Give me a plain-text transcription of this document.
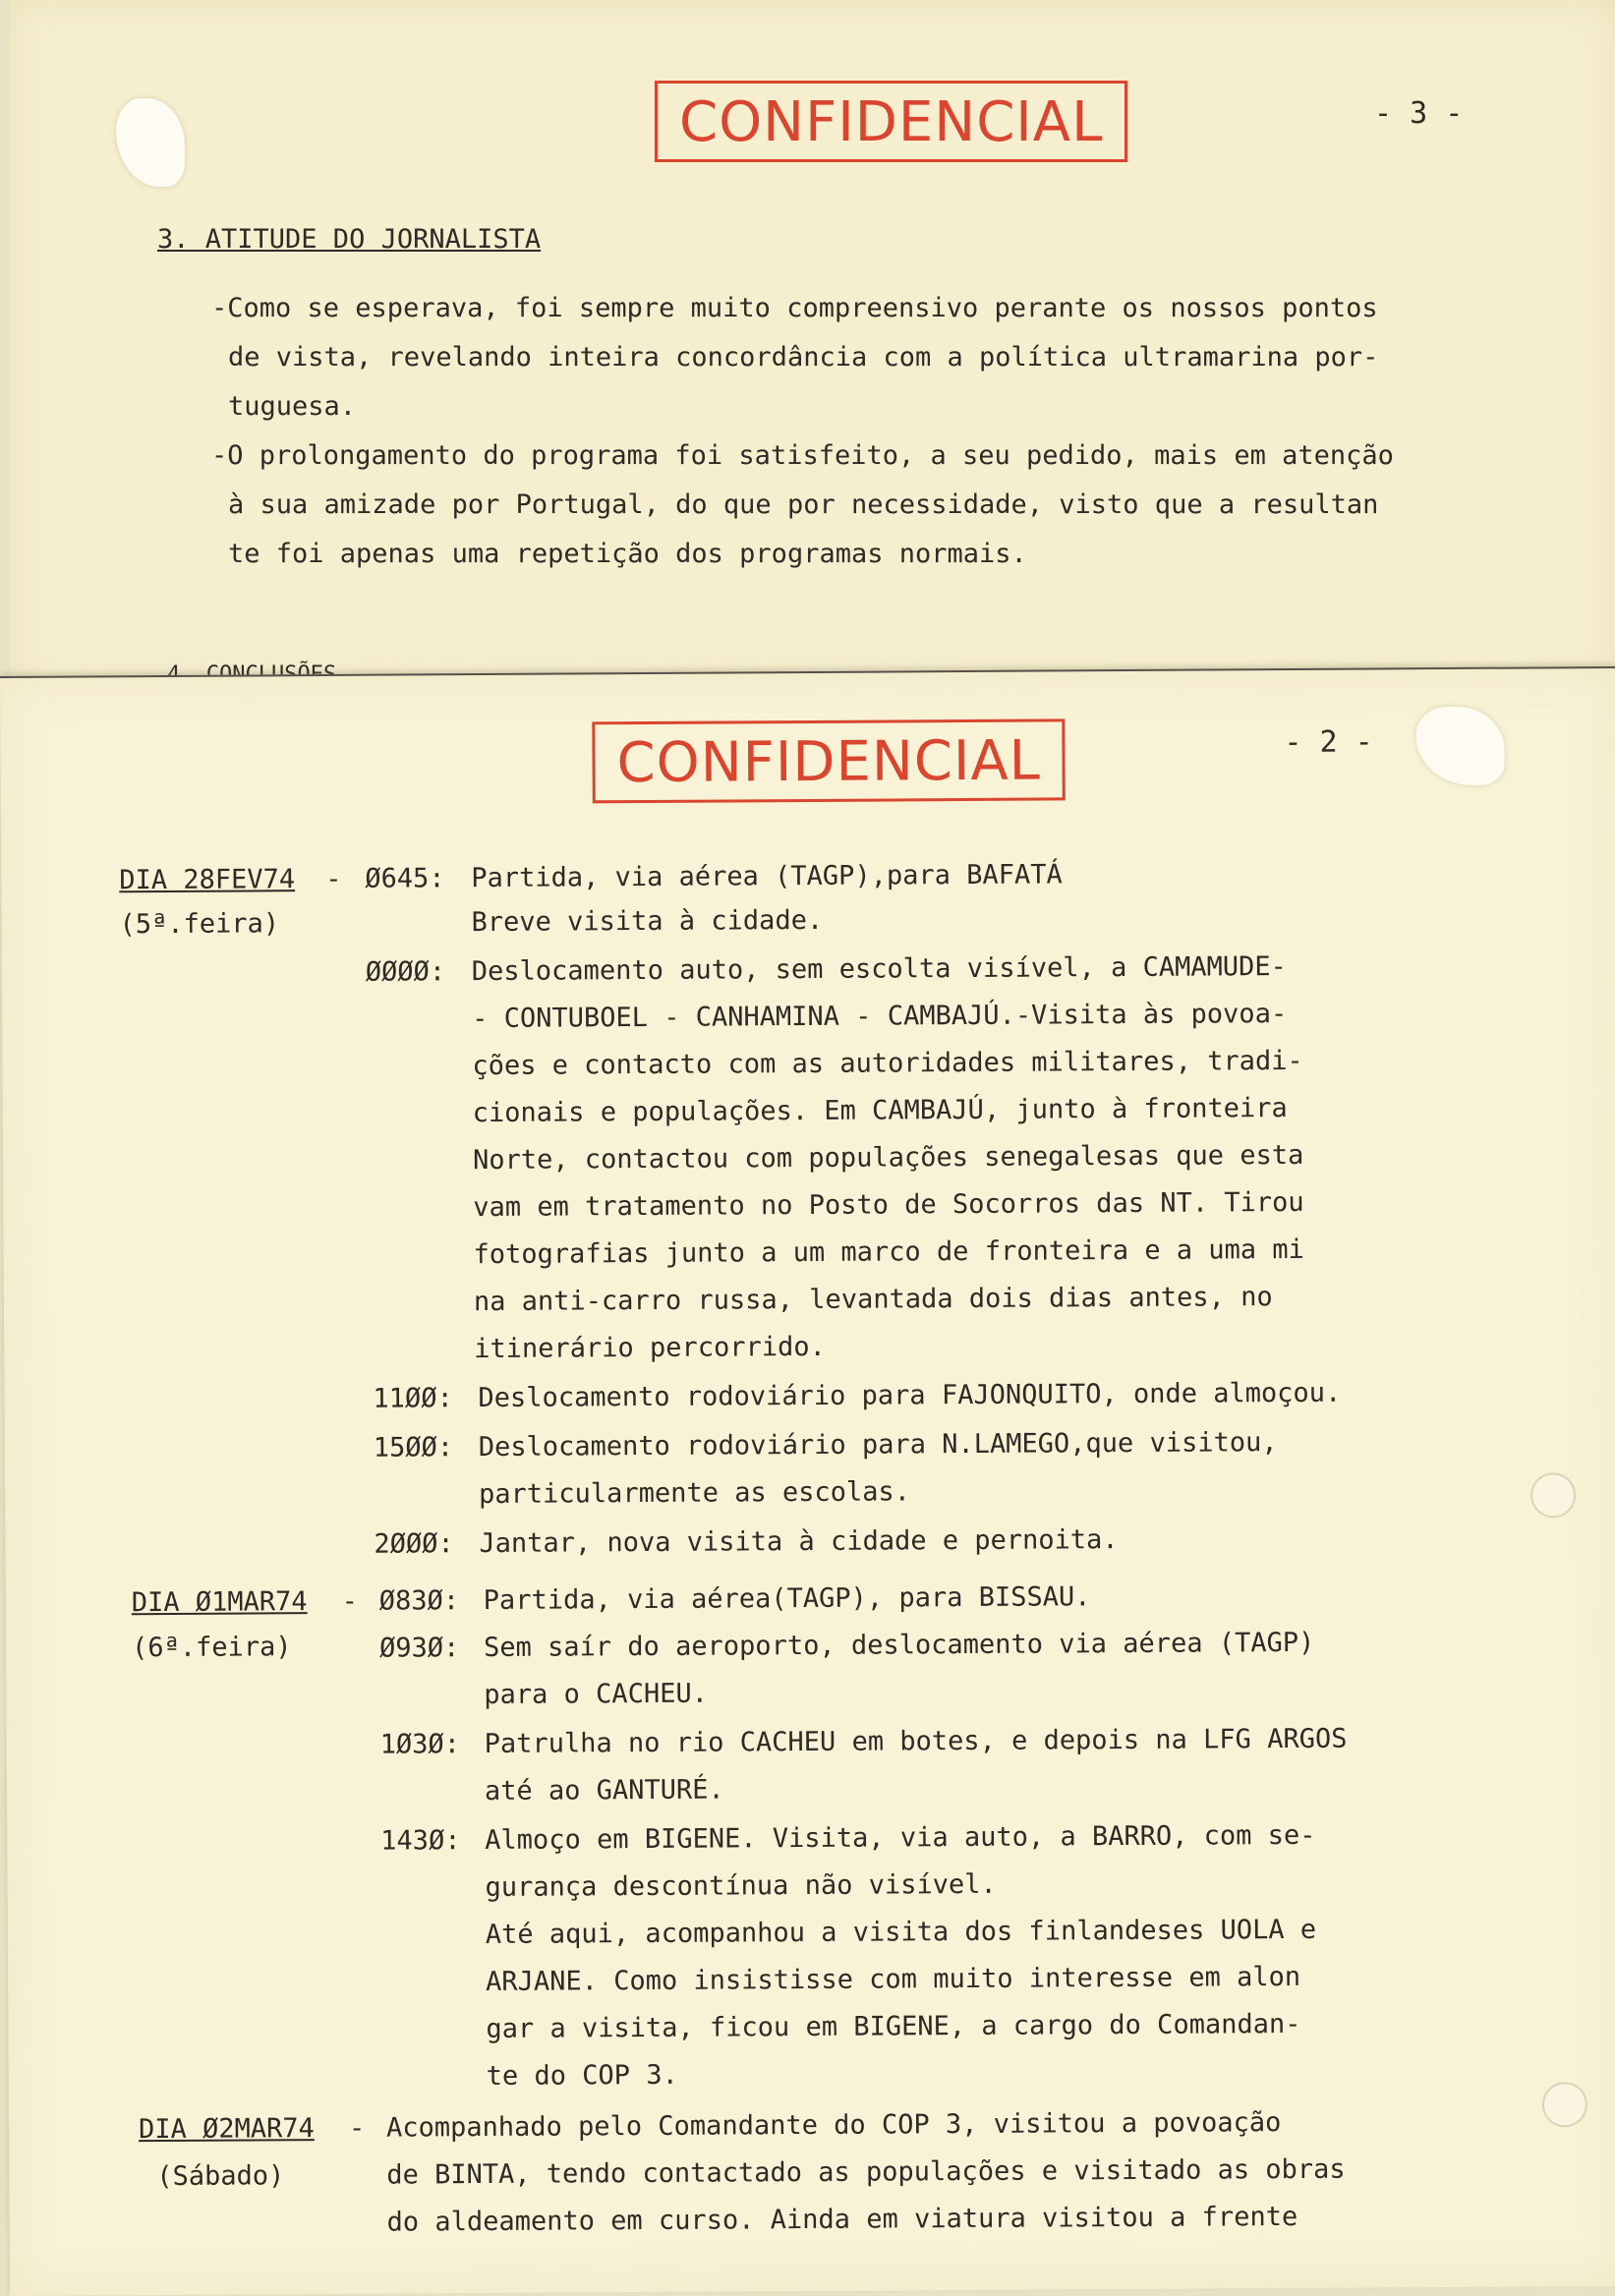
CONFIDENCIAL	- 3 -
3. ATITUDE DO JORNALISTA
-Como se esperava, foi sempre muito compreensivo perante os nossos pontos
de vista, revelando inteira concordância com a política ultramarina por-
tuguesa.
-O prolongamento do programa foi satisfeito, a seu pedido, mais em atenção
à sua amizade por Portugal, do que por necessidade, visto que a resultan
te foi apenas uma repetição dos programas normais.
CONFIDENCIAL	- 2 -
DIA 28FEV74 -
(5ª.feira)
Ø645: Partida, via aérea (TAGP),para BAFATÁ
Breve visita à cidade.
ØØØØ: Deslocamento auto, sem escolta visível, a CAMAMUDE-
- CONTUBOEL - CANHAMINA - CAMBAJÚ.-Visita às povoa-
ções e contacto com as autoridades militares, tradi-
cionais e populações. Em CAMBAJÚ, junto à fronteira
Norte, contactou com populações senegalesas que esta
vam em tratamento no Posto de Socorros das NT. Tirou
fotografias junto a um marco de fronteira e a uma mi
na anti-carro russa, levantada dois dias antes, no
itinerário percorrido.
11ØØ: Deslocamento rodoviário para FAJONQUITO, onde almoçou.
15ØØ: Deslocamento rodoviário para N.LAMEGO,que visitou,
particularmente as escolas.
2ØØØ: Jantar, nova visita à cidade e pernoita.
DIA Ø1MAR74 -
(6ª.feira)
Ø83Ø: Partida, via aérea(TAGP), para BISSAU.
Ø93Ø: Sem saír do aeroporto, deslocamento via aérea (TAGP)
para o CACHEU.
1Ø3Ø: Patrulha no rio CACHEU em botes, e depois na LFG ARGOS
até ao GANTURÉ.
143Ø: Almoço em BIGENE. Visita, via auto, a BARRO, com se-
gurança descontínua não visível.
Até aqui, acompanhou a visita dos finlandeses UOLA e
ARJANE. Como insistisse com muito interesse em alon
gar a visita, ficou em BIGENE, a cargo do Comandan-
te do COP 3.
DIA Ø2MAR74 -
(Sábado)
Acompanhado pelo Comandante do COP 3, visitou a povoação
de BINTA, tendo contactado as populações e visitado as obras
do aldeamento em curso. Ainda em viatura visitou a frente
